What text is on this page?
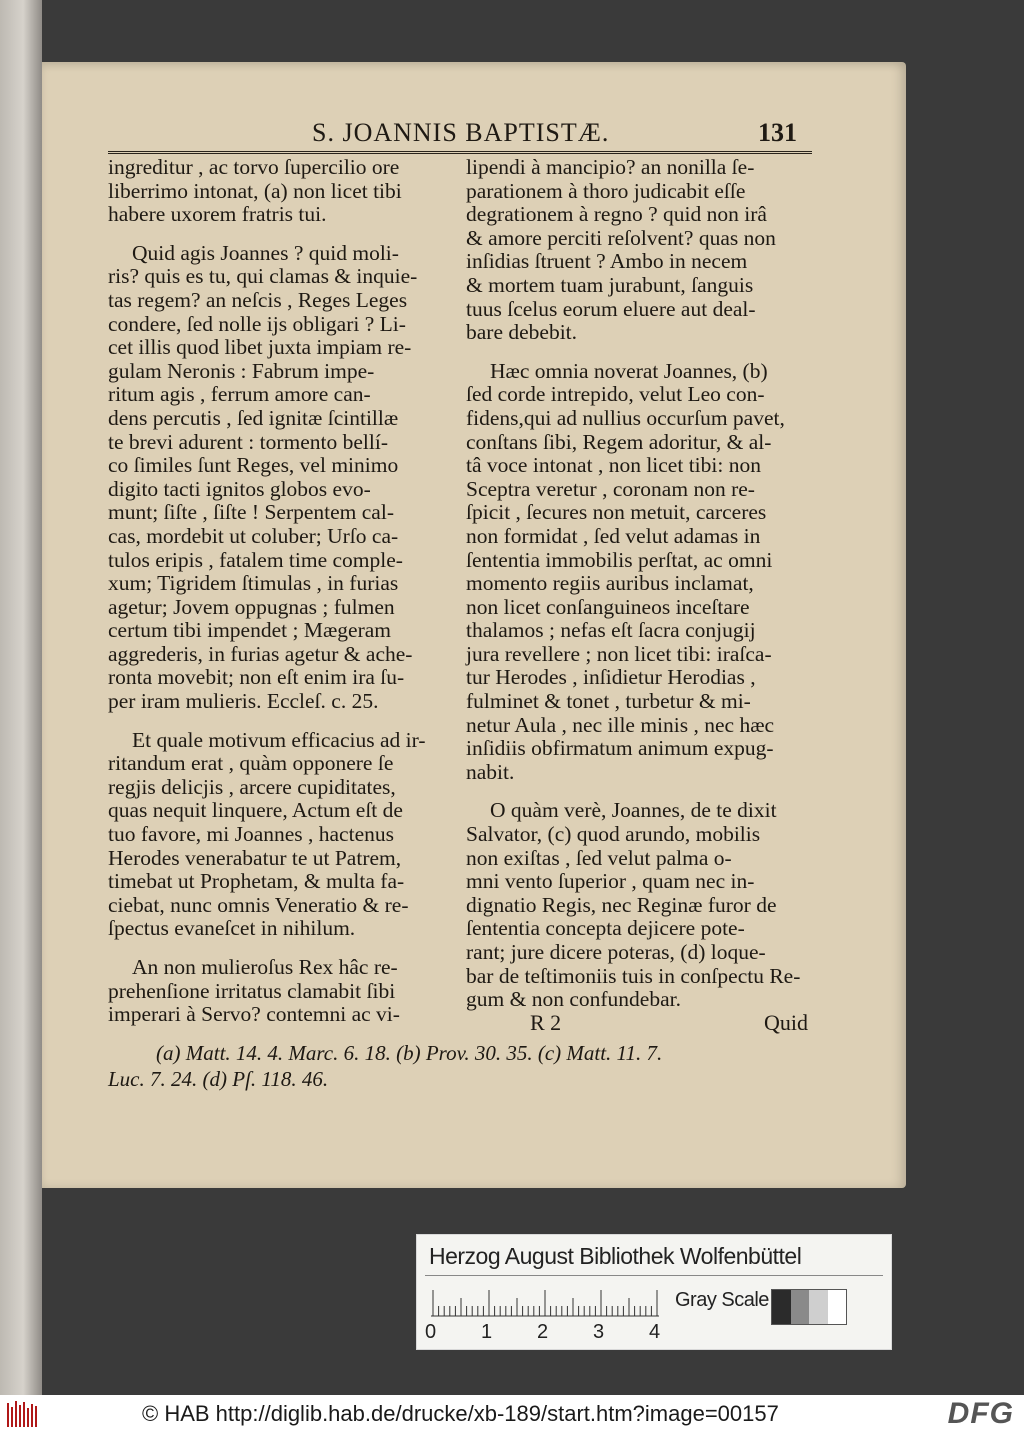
S. JOANNIS BAPTISTÆ.	131
ingreditur , ac torvo ſupercilio ore
liberrimo intonat, (a) non licet tibi
habere uxorem fratris tui.
Quid agis Joannes ? quid moli-
ris? quis es tu, qui clamas & inquie-
tas regem? an neſcis , Reges Leges
condere, ſed nolle ijs obligari ? Li-
cet illis quod libet juxta impiam re-
gulam Neronis : Fabrum impe-
ritum agis , ferrum amore can-
dens percutis , ſed ignitæ ſcintillæ
te brevi adurent : tormento bellí-
co ſimiles ſunt Reges, vel minimo
digito tacti ignitos globos evo-
munt; ſiſte , ſiſte ! Serpentem cal-
cas, mordebit ut coluber; Urſo ca-
tulos eripis , fatalem time comple-
xum; Tigridem ſtimulas , in furias
agetur; Jovem oppugnas ; fulmen
certum tibi impendet ; Mægeram
aggrederis, in furias agetur & ache-
ronta movebit; non eſt enim ira ſu-
per iram mulieris. Eccleſ. c. 25.
Et quale motivum efficacius ad ir-
ritandum erat , quàm opponere ſe
regjis delicjis , arcere cupiditates,
quas nequit linquere, Actum eſt de
tuo favore, mi Joannes , hactenus
Herodes venerabatur te ut Patrem,
timebat ut Prophetam, & multa fa-
ciebat, nunc omnis Veneratio & re-
ſpectus evaneſcet in nihilum.
An non mulieroſus Rex hâc re-
prehenſione irritatus clamabit ſibi
imperari à Servo? contemni ac vi-
lipendi à mancipio? an nonilla ſe-
parationem à thoro judicabit eſſe
degrationem à regno ? quid non irâ
& amore perciti reſolvent? quas non
inſidias ſtruent ? Ambo in necem
& mortem tuam jurabunt, ſanguis
tuus ſcelus eorum eluere aut deal-
bare debebit.
Hæc omnia noverat Joannes, (b)
ſed corde intrepido, velut Leo con-
fidens,qui ad nullius occurſum pavet,
conſtans ſibi, Regem adoritur, & al-
tâ voce intonat , non licet tibi: non
Sceptra veretur , coronam non re-
ſpicit , ſecures non metuit, carceres
non formidat , ſed velut adamas in
ſententia immobilis perſtat, ac omni
momento regiis auribus inclamat,
non licet conſanguineos inceſtare
thalamos ; nefas eſt ſacra conjugij
jura revellere ; non licet tibi: iraſca-
tur Herodes , inſidietur Herodias ,
fulminet & tonet , turbetur & mi-
netur Aula , nec ille minis , nec hæc
inſidiis obfirmatum animum expug-
nabit.
O quàm verè, Joannes, de te dixit
Salvator, (c) quod arundo, mobilis
non exiſtas , ſed velut palma o-
mni vento ſuperior , quam nec in-
dignatio Regis, nec Reginæ furor de
ſententia concepta dejicere pote-
rant; jure dicere poteras, (d) loque-
bar de teſtimoniis tuis in conſpectu Re-
gum & non confundebar.
R 2	Quid
(a) Matt. 14. 4. Marc. 6. 18. (b) Prov. 30. 35. (c) Matt. 11. 7.
Luc. 7. 24. (d) Pſ. 118. 46.
Herzog August Bibliothek Wolfenbüttel
0 1 2 3 4
Gray Scale
© HAB http://diglib.hab.de/drucke/xb-189/start.htm?image=00157	DFG
